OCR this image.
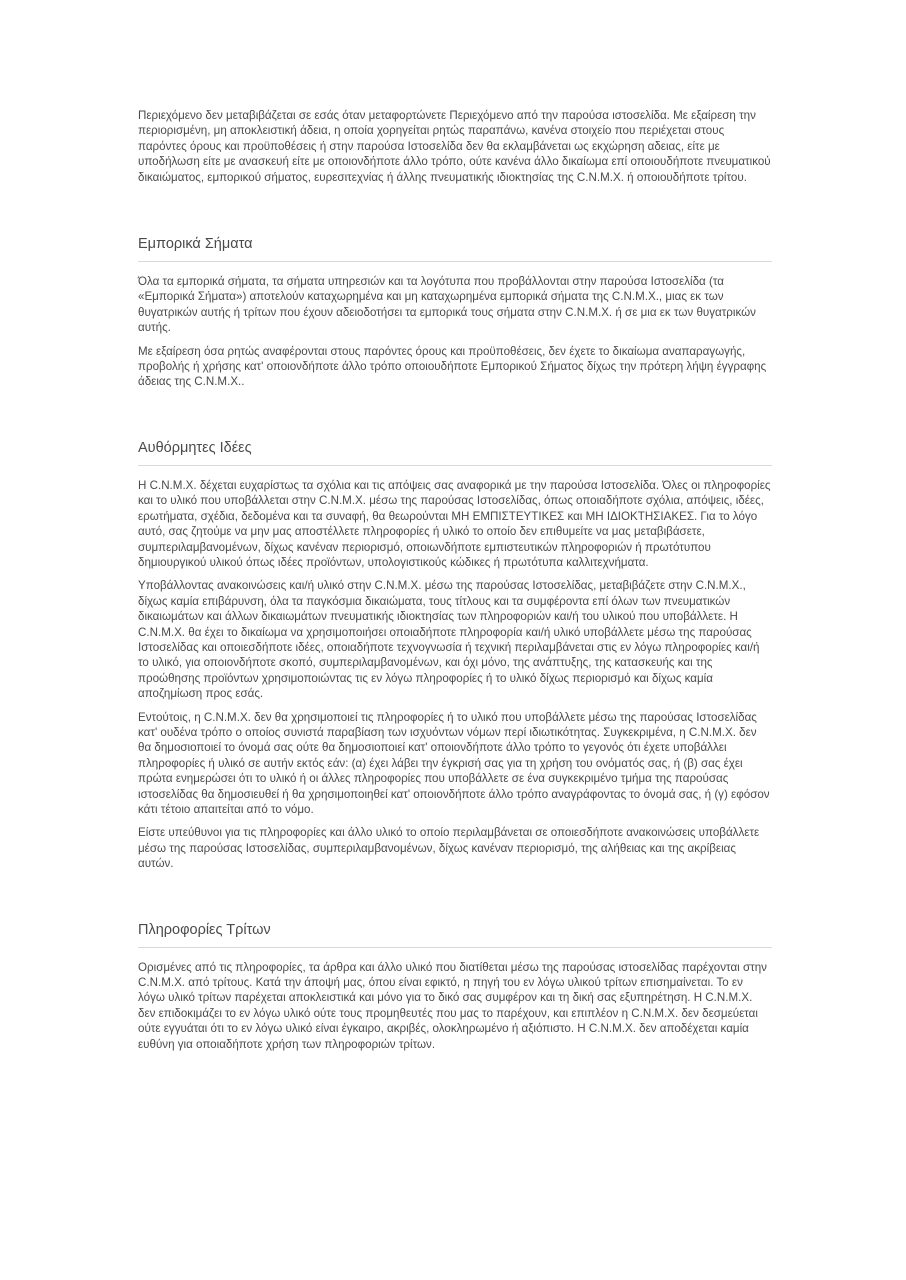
Περιεχόμενο δεν μεταβιβάζεται σε εσάς όταν μεταφορτώνετε Περιεχόμενο από την παρούσα ιστοσελίδα. Με εξαίρεση την περιορισμένη, μη αποκλειστική άδεια, η οποία χορηγείται ρητώς παραπάνω, κανένα στοιχείο που περιέχεται στους παρόντες όρους και προϋποθέσεις ή στην παρούσα Ιστοσελίδα δεν θα εκλαμβάνεται ως εκχώρηση αδειας, είτε με υποδήλωση είτε με ανασκευή είτε με οποιονδήποτε άλλο τρόπο, ούτε κανένα άλλο δικαίωμα επί οποιουδήποτε πνευματικού δικαιώματος, εμπορικού σήματος, ευρεσιτεχνίας ή άλλης πνευματικής ιδιοκτησίας της C.N.M.X. ή οποιουδήποτε τρίτου.

Εμπορικά Σήματα

Όλα τα εμπορικά σήματα, τα σήματα υπηρεσιών και τα λογότυπα που προβάλλονται στην παρούσα Ιστοσελίδα (τα «Εμπορικά Σήματα») αποτελούν καταχωρημένα και μη καταχωρημένα εμπορικά σήματα της C.N.M.X., μιας εκ των θυγατρικών αυτής ή τρίτων που έχουν αδειοδοτήσει τα εμπορικά τους σήματα στην C.N.M.X. ή σε μια εκ των θυγατρικών αυτής.

Με εξαίρεση όσα ρητώς αναφέρονται στους παρόντες όρους και προϋποθέσεις, δεν έχετε το δικαίωμα αναπαραγωγής, προβολής ή χρήσης κατ' οποιονδήποτε άλλο τρόπο οποιουδήποτε Εμπορικού Σήματος δίχως την πρότερη λήψη έγγραφης άδειας της C.N.M.X..

Αυθόρμητες Ιδέες

Η C.N.M.X. δέχεται ευχαρίστως τα σχόλια και τις απόψεις σας αναφορικά με την παρούσα Ιστοσελίδα. Όλες οι πληροφορίες και το υλικό που υποβάλλεται στην C.N.M.X. μέσω της παρούσας Ιστοσελίδας, όπως οποιαδήποτε σχόλια, απόψεις, ιδέες, ερωτήματα, σχέδια, δεδομένα και τα συναφή, θα θεωρούνται ΜΗ ΕΜΠΙΣΤΕΥΤΙΚΕΣ και ΜΗ ΙΔΙΟΚΤΗΣΙΑΚΕΣ. Για το λόγο αυτό, σας ζητούμε να μην μας αποστέλλετε πληροφορίες ή υλικό το οποίο δεν επιθυμείτε να μας μεταβιβάσετε, συμπεριλαμβανομένων, δίχως κανέναν περιορισμό, οποιωνδήποτε εμπιστευτικών πληροφοριών ή πρωτότυπου δημιουργικού υλικού όπως ιδέες προϊόντων, υπολογιστικούς κώδικες ή πρωτότυπα καλλιτεχνήματα.

Υποβάλλοντας ανακοινώσεις και/ή υλικό στην C.N.M.X. μέσω της παρούσας Ιστοσελίδας, μεταβιβάζετε στην C.N.M.X., δίχως καμία επιβάρυνση, όλα τα παγκόσμια δικαιώματα, τους τίτλους και τα συμφέροντα επί όλων των πνευματικών δικαιωμάτων και άλλων δικαιωμάτων πνευματικής ιδιοκτησίας των πληροφοριών και/ή του υλικού που υποβάλλετε. Η C.N.M.X. θα έχει το δικαίωμα να χρησιμοποιήσει οποιαδήποτε πληροφορία και/ή υλικό υποβάλλετε μέσω της παρούσας Ιστοσελίδας και οποιεσδήποτε ιδέες, οποιαδήποτε τεχνογνωσία ή τεχνική περιλαμβάνεται στις εν λόγω πληροφορίες και/ή το υλικό, για οποιονδήποτε σκοπό, συμπεριλαμβανομένων, και όχι μόνο, της ανάπτυξης, της κατασκευής και της προώθησης προϊόντων χρησιμοποιώντας τις εν λόγω πληροφορίες ή το υλικό δίχως περιορισμό και δίχως καμία αποζημίωση προς εσάς.

Εντούτοις, η C.N.M.X. δεν θα χρησιμοποιεί τις πληροφορίες ή το υλικό που υποβάλλετε μέσω της παρούσας Ιστοσελίδας κατ' ουδένα τρόπο ο οποίος συνιστά παραβίαση των ισχυόντων νόμων περί ιδιωτικότητας. Συγκεκριμένα, η C.N.M.X. δεν θα δημοσιοποιεί το όνομά σας ούτε θα δημοσιοποιεί κατ' οποιονδήποτε άλλο τρόπο το γεγονός ότι έχετε υποβάλλει πληροφορίες ή υλικό σε αυτήν εκτός εάν: (α) έχει λάβει την έγκρισή σας για τη χρήση του ονόματός σας, ή (β) σας έχει πρώτα ενημερώσει ότι το υλικό ή οι άλλες πληροφορίες που υποβάλλετε σε ένα συγκεκριμένο τμήμα της παρούσας ιστοσελίδας θα δημοσιευθεί ή θα χρησιμοποιηθεί κατ' οποιονδήποτε άλλο τρόπο αναγράφοντας το όνομά σας, ή (γ) εφόσον κάτι τέτοιο απαιτείται από το νόμο.

Είστε υπεύθυνοι για τις πληροφορίες και άλλο υλικό το οποίο περιλαμβάνεται σε οποιεσδήποτε ανακοινώσεις υποβάλλετε μέσω της παρούσας Ιστοσελίδας, συμπεριλαμβανομένων, δίχως κανέναν περιορισμό, της αλήθειας και της ακρίβειας αυτών.

Πληροφορίες Τρίτων

Ορισμένες από τις πληροφορίες, τα άρθρα και άλλο υλικό που διατίθεται μέσω της παρούσας ιστοσελίδας παρέχονται στην C.N.M.X. από τρίτους. Κατά την άποψή μας, όπου είναι εφικτό, η πηγή του εν λόγω υλικού τρίτων επισημαίνεται. Το εν λόγω υλικό τρίτων παρέχεται αποκλειστικά και μόνο για το δικό σας συμφέρον και τη δική σας εξυπηρέτηση. Η C.N.M.X. δεν επιδοκιμάζει το εν λόγω υλικό ούτε τους προμηθευτές που μας το παρέχουν, και επιπλέον η C.N.M.X. δεν δεσμεύεται ούτε εγγυάται ότι το εν λόγω υλικό είναι έγκαιρο, ακριβές, ολοκληρωμένο ή αξιόπιστο. Η C.N.M.X. δεν αποδέχεται καμία ευθύνη για οποιαδήποτε χρήση των πληροφοριών τρίτων.
